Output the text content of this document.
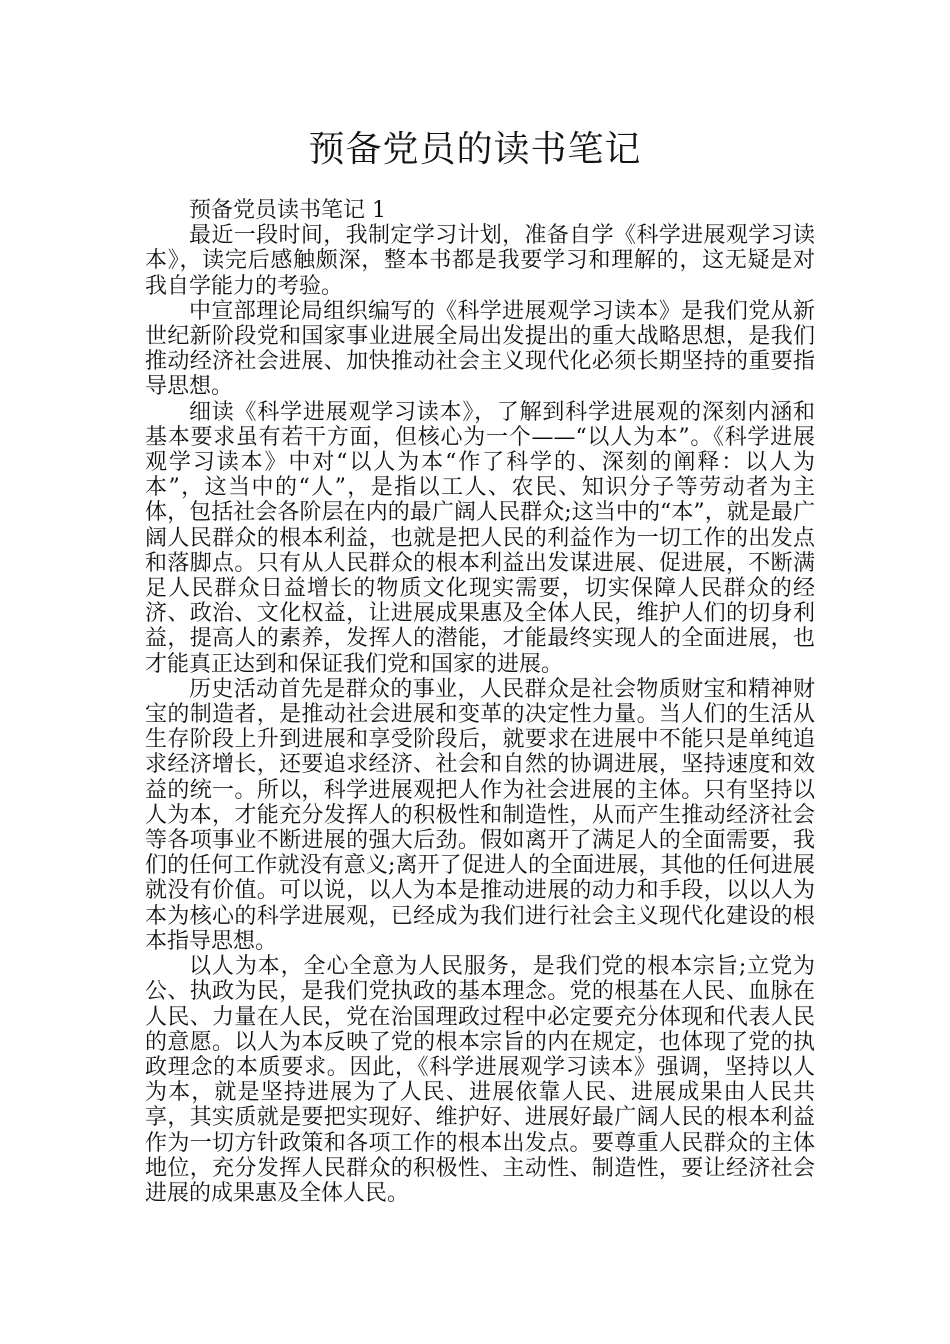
预备党员的读书笔记

预备党员读书笔记 1

最近一段时间，我制定学习计划，准备自学《科学进展观学习读本》，读完后感触颇深，整本书都是我要学习和理解的，这无疑是对我自学能力的考验。

中宣部理论局组织编写的《科学进展观学习读本》是我们党从新世纪新阶段党和国家事业进展全局出发提出的重大战略思想，是我们推动经济社会进展、加快推动社会主义现代化必须长期坚持的重要指导思想。

细读《科学进展观学习读本》，了解到科学进展观的深刻内涵和基本要求虽有若干方面，但核心为一个——“以人为本”。《科学进展观学习读本》中对“以人为本“作了科学的、深刻的阐释：以人为本”，这当中的“人”，是指以工人、农民、知识分子等劳动者为主体，包括社会各阶层在内的最广阔人民群众;这当中的“本”，就是最广阔人民群众的根本利益，也就是把人民的利益作为一切工作的出发点和落脚点。只有从人民群众的根本利益出发谋进展、促进展，不断满足人民群众日益增长的物质文化现实需要，切实保障人民群众的经济、政治、文化权益，让进展成果惠及全体人民，维护人们的切身利益，提高人的素养，发挥人的潜能，才能最终实现人的全面进展，也才能真正达到和保证我们党和国家的进展。

历史活动首先是群众的事业，人民群众是社会物质财宝和精神财宝的制造者，是推动社会进展和变革的决定性力量。当人们的生活从生存阶段上升到进展和享受阶段后，就要求在进展中不能只是单纯追求经济增长，还要追求经济、社会和自然的协调进展，坚持速度和效益的统一。所以，科学进展观把人作为社会进展的主体。只有坚持以人为本，才能充分发挥人的积极性和制造性，从而产生推动经济社会等各项事业不断进展的强大后劲。假如离开了满足人的全面需要，我们的任何工作就没有意义;离开了促进人的全面进展，其他的任何进展就没有价值。可以说，以人为本是推动进展的动力和手段，以以人为本为核心的科学进展观，已经成为我们进行社会主义现代化建设的根本指导思想。

以人为本，全心全意为人民服务，是我们党的根本宗旨;立党为公、执政为民，是我们党执政的基本理念。党的根基在人民、血脉在人民、力量在人民，党在治国理政过程中必定要充分体现和代表人民的意愿。以人为本反映了党的根本宗旨的内在规定，也体现了党的执政理念的本质要求。因此，《科学进展观学习读本》强调，坚持以人为本，就是坚持进展为了人民、进展依靠人民、进展成果由人民共享，其实质就是要把实现好、维护好、进展好最广阔人民的根本利益作为一切方针政策和各项工作的根本出发点。要尊重人民群众的主体地位，充分发挥人民群众的积极性、主动性、制造性，要让经济社会进展的成果惠及全体人民。
